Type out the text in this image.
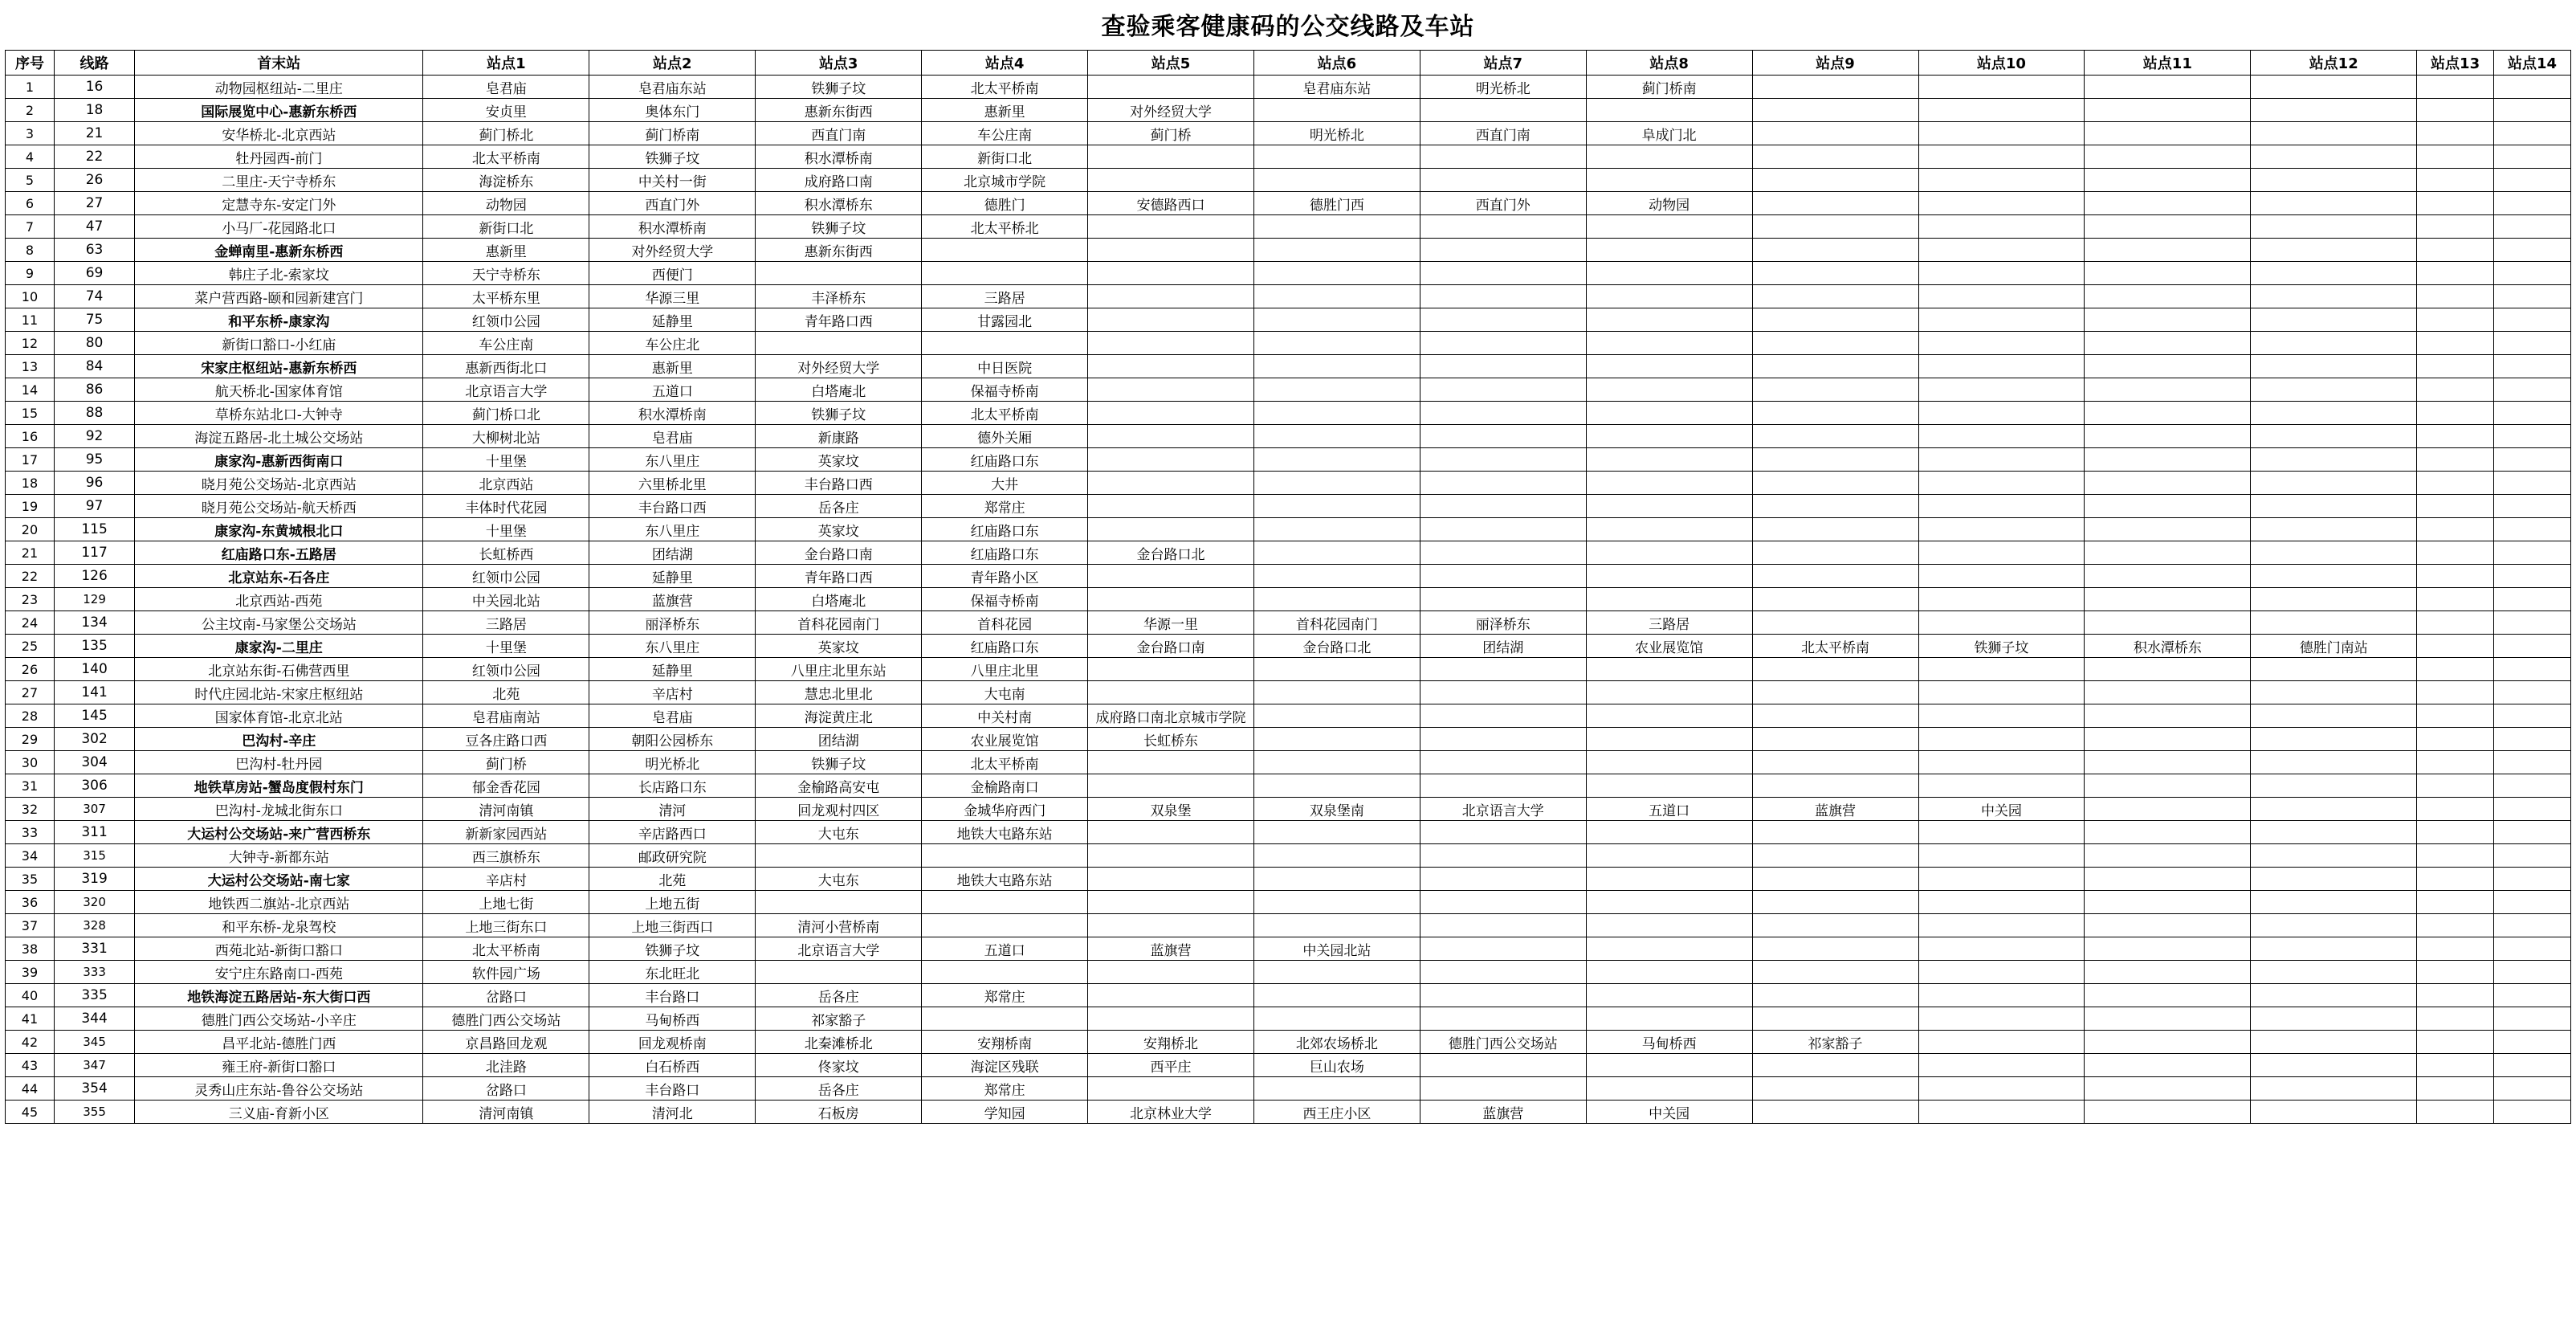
查验乘客健康码的公交线路及车站
序号	线路	首末站	站点1	站点2	站点3	站点4	站点5	站点6	站点7	站点8	站点9	站点10	站点11	站点12	站点13	站点14
1	16	动物园枢纽站-二里庄	皂君庙	皂君庙东站	铁狮子坟	北太平桥南		皂君庙东站	明光桥北	蓟门桥南						
2	18	国际展览中心-惠新东桥西	安贞里	奥体东门	惠新东街西	惠新里	对外经贸大学									
3	21	安华桥北-北京西站	蓟门桥北	蓟门桥南	西直门南	车公庄南	蓟门桥	明光桥北	西直门南	阜成门北						
4	22	牡丹园西-前门	北太平桥南	铁狮子坟	积水潭桥南	新街口北										
5	26	二里庄-天宁寺桥东	海淀桥东	中关村一街	成府路口南	北京城市学院										
6	27	定慧寺东-安定门外	动物园	西直门外	积水潭桥东	德胜门	安德路西口	德胜门西	西直门外	动物园						
7	47	小马厂-花园路北口	新街口北	积水潭桥南	铁狮子坟	北太平桥北										
8	63	金蝉南里-惠新东桥西	惠新里	对外经贸大学	惠新东街西											
9	69	韩庄子北-索家坟	天宁寺桥东	西便门												
10	74	菜户营西路-颐和园新建宫门	太平桥东里	华源三里	丰泽桥东	三路居										
11	75	和平东桥-康家沟	红领巾公园	延静里	青年路口西	甘露园北										
12	80	新街口豁口-小红庙	车公庄南	车公庄北												
13	84	宋家庄枢纽站-惠新东桥西	惠新西街北口	惠新里	对外经贸大学	中日医院										
14	86	航天桥北-国家体育馆	北京语言大学	五道口	白塔庵北	保福寺桥南										
15	88	草桥东站北口-大钟寺	蓟门桥口北	积水潭桥南	铁狮子坟	北太平桥南										
16	92	海淀五路居-北土城公交场站	大柳树北站	皂君庙	新康路	德外关厢										
17	95	康家沟-惠新西街南口	十里堡	东八里庄	英家坟	红庙路口东										
18	96	晓月苑公交场站-北京西站	北京西站	六里桥北里	丰台路口西	大井										
19	97	晓月苑公交场站-航天桥西	丰体时代花园	丰台路口西	岳各庄	郑常庄										
20	115	康家沟-东黄城根北口	十里堡	东八里庄	英家坟	红庙路口东										
21	117	红庙路口东-五路居	长虹桥西	团结湖	金台路口南	红庙路口东	金台路口北									
22	126	北京站东-石各庄	红领巾公园	延静里	青年路口西	青年路小区										
23	129	北京西站-西苑	中关园北站	蓝旗营	白塔庵北	保福寺桥南										
24	134	公主坟南-马家堡公交场站	三路居	丽泽桥东	首科花园南门	首科花园	华源一里	首科花园南门	丽泽桥东	三路居						
25	135	康家沟-二里庄	十里堡	东八里庄	英家坟	红庙路口东	金台路口南	金台路口北	团结湖	农业展览馆	北太平桥南	铁狮子坟	积水潭桥东	德胜门南站		
26	140	北京站东街-石佛营西里	红领巾公园	延静里	八里庄北里东站	八里庄北里										
27	141	时代庄园北站-宋家庄枢纽站	北苑	辛店村	慧忠北里北	大屯南										
28	145	国家体育馆-北京北站	皂君庙南站	皂君庙	海淀黄庄北	中关村南	成府路口南北京城市学院									
29	302	巴沟村-辛庄	豆各庄路口西	朝阳公园桥东	团结湖	农业展览馆	长虹桥东									
30	304	巴沟村-牡丹园	蓟门桥	明光桥北	铁狮子坟	北太平桥南										
31	306	地铁草房站-蟹岛度假村东门	郁金香花园	长店路口东	金榆路高安屯	金榆路南口										
32	307	巴沟村-龙城北街东口	清河南镇	清河	回龙观村四区	金城华府西门	双泉堡	双泉堡南	北京语言大学	五道口	蓝旗营	中关园				
33	311	大运村公交场站-来广营西桥东	新新家园西站	辛店路西口	大屯东	地铁大屯路东站										
34	315	大钟寺-新都东站	西三旗桥东	邮政研究院												
35	319	大运村公交场站-南七家	辛店村	北苑	大屯东	地铁大屯路东站										
36	320	地铁西二旗站-北京西站	上地七街	上地五街												
37	328	和平东桥-龙泉驾校	上地三街东口	上地三街西口	清河小营桥南											
38	331	西苑北站-新街口豁口	北太平桥南	铁狮子坟	北京语言大学	五道口	蓝旗营	中关园北站								
39	333	安宁庄东路南口-西苑	软件园广场	东北旺北												
40	335	地铁海淀五路居站-东大街口西	岔路口	丰台路口	岳各庄	郑常庄										
41	344	德胜门西公交场站-小辛庄	德胜门西公交场站	马甸桥西	祁家豁子											
42	345	昌平北站-德胜门西	京昌路回龙观	回龙观桥南	北秦滩桥北	安翔桥南	安翔桥北	北郊农场桥北	德胜门西公交场站	马甸桥西	祁家豁子					
43	347	雍王府-新街口豁口	北洼路	白石桥西	佟家坟	海淀区残联	西平庄	巨山农场								
44	354	灵秀山庄东站-鲁谷公交场站	岔路口	丰台路口	岳各庄	郑常庄										
45	355	三义庙-育新小区	清河南镇	清河北	石板房	学知园	北京林业大学	西王庄小区	蓝旗营	中关园						
